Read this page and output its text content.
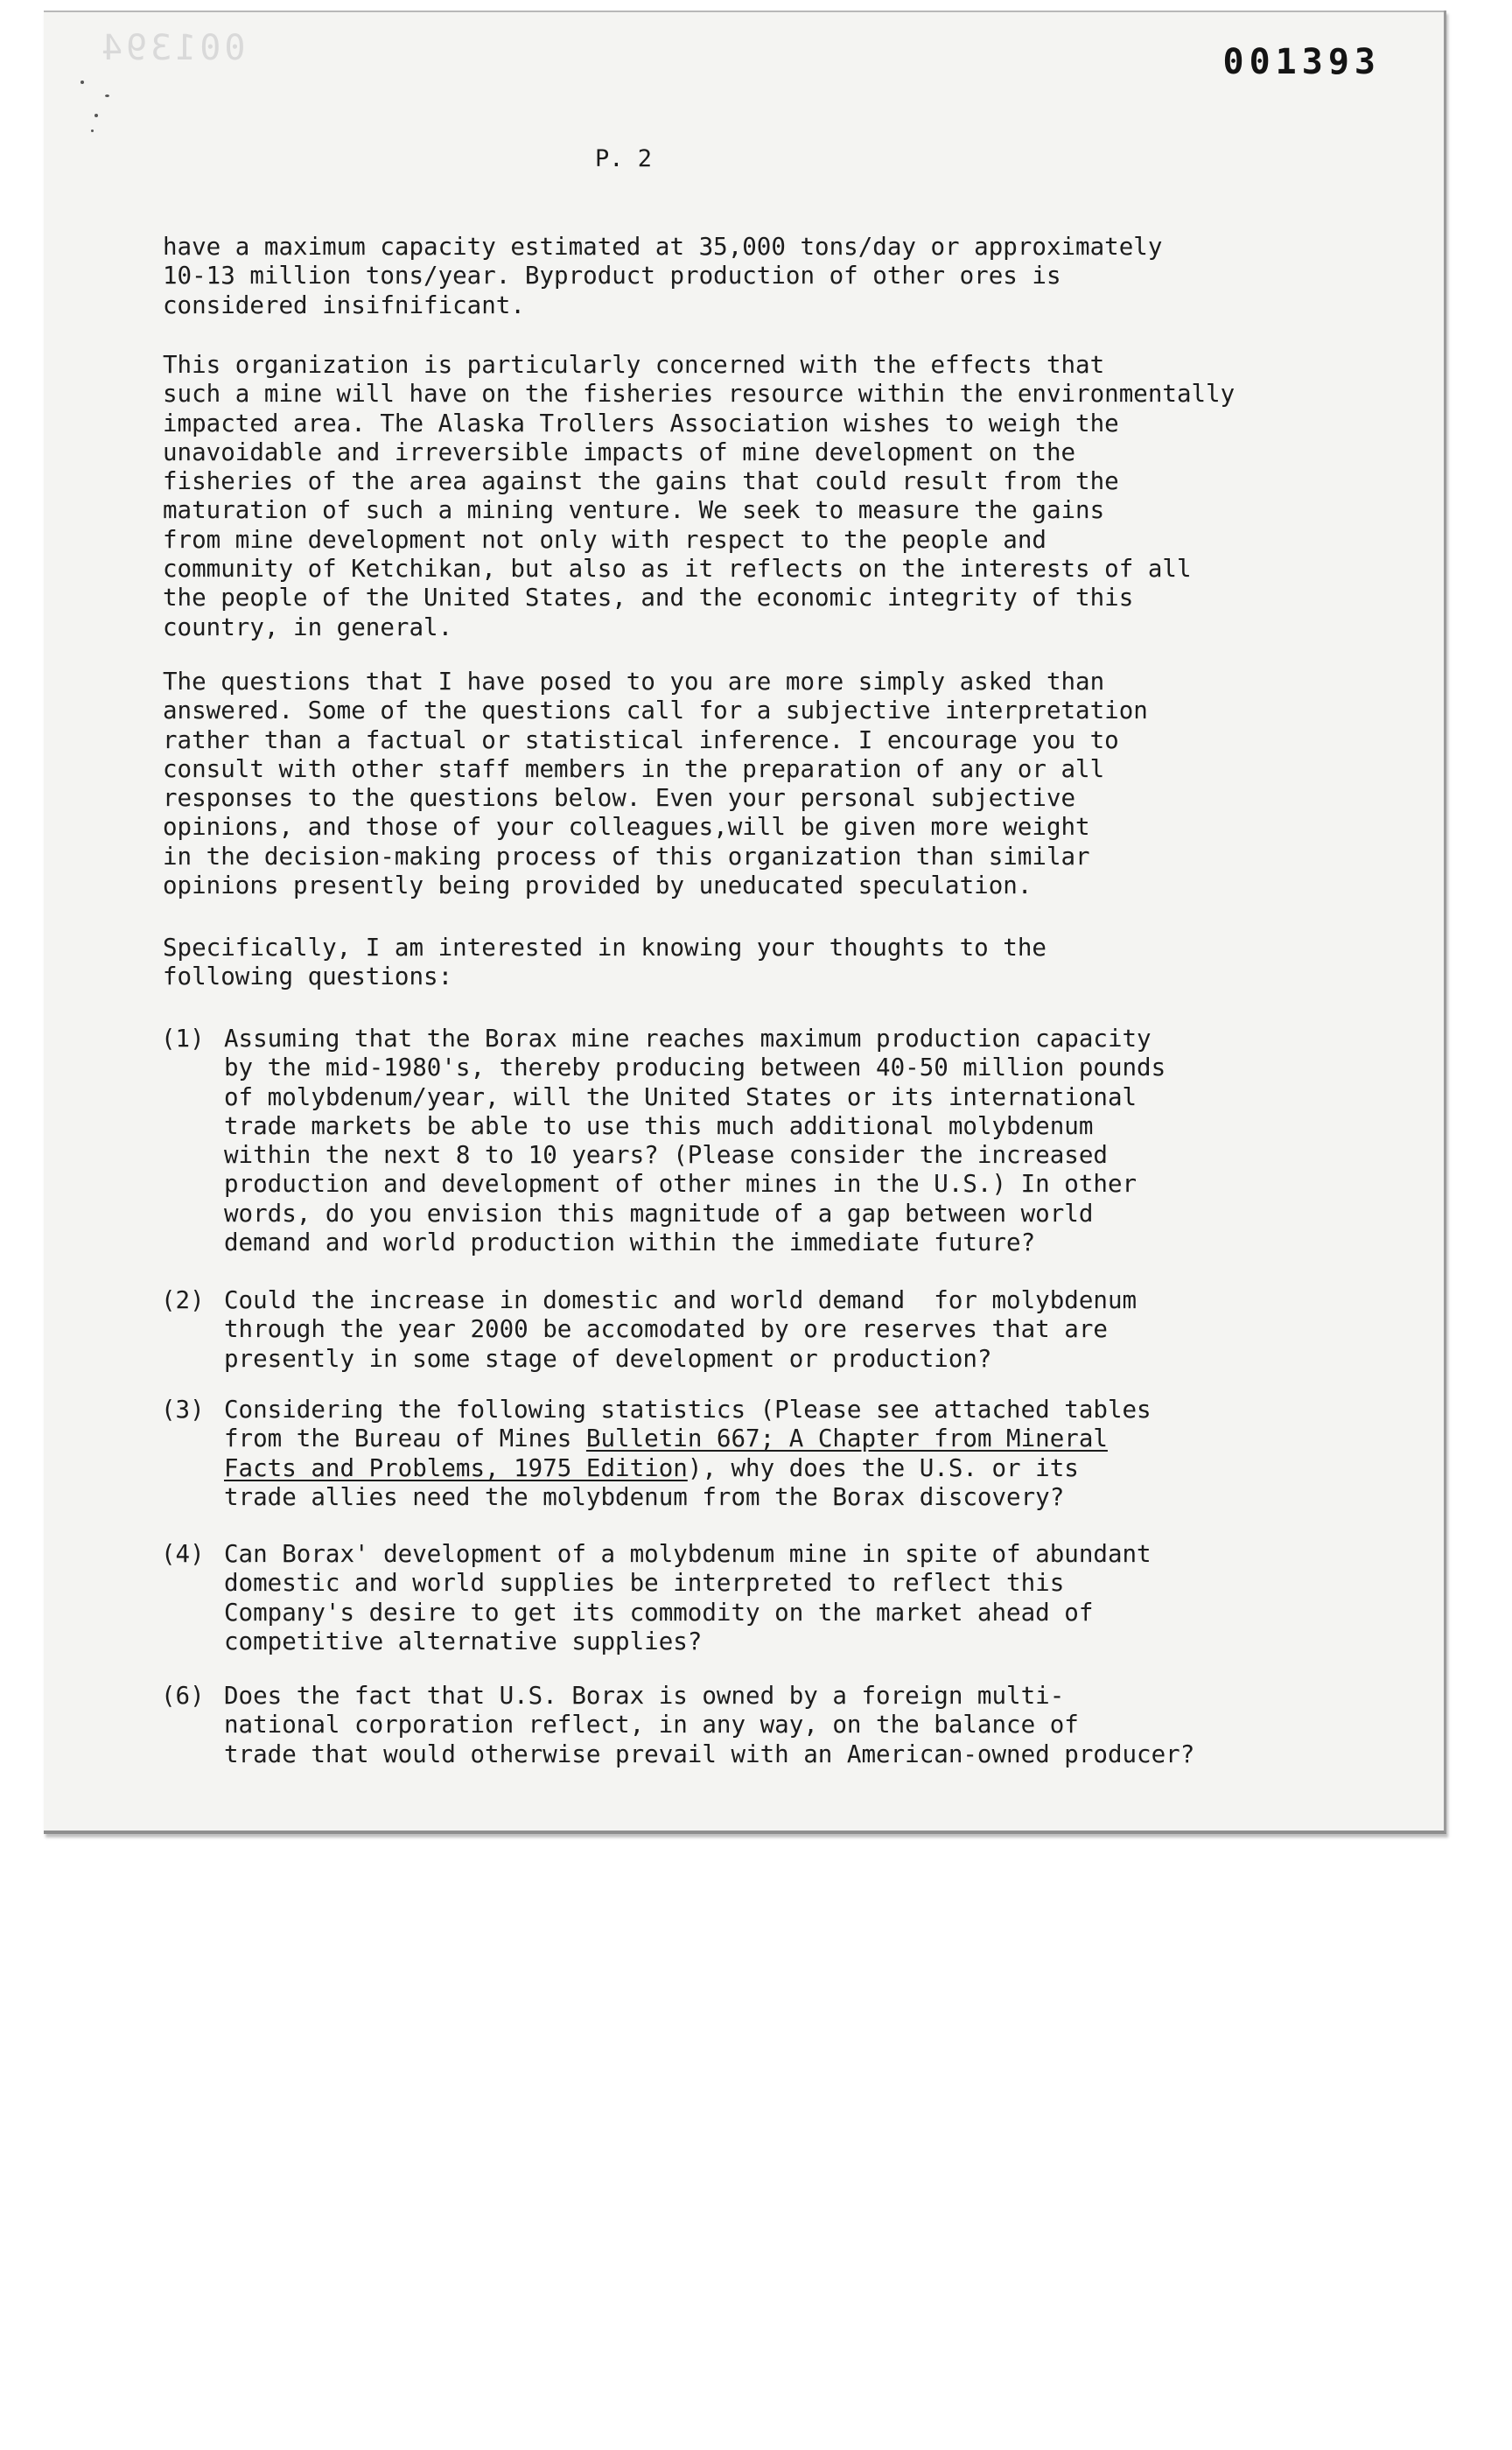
001394	001393
P. 2

have a maximum capacity estimated at 35,000 tons/day or approximately
10-13 million tons/year. Byproduct production of other ores is
considered insifnificant.

This organization is particularly concerned with the effects that
such a mine will have on the fisheries resource within the environmentally
impacted area. The Alaska Trollers Association wishes to weigh the
unavoidable and irreversible impacts of mine development on the
fisheries of the area against the gains that could result from the
maturation of such a mining venture. We seek to measure the gains
from mine development not only with respect to the people and
community of Ketchikan, but also as it reflects on the interests of all
the people of the United States, and the economic integrity of this
country, in general.

The questions that I have posed to you are more simply asked than
answered. Some of the questions call for a subjective interpretation
rather than a factual or statistical inference. I encourage you to
consult with other staff members in the preparation of any or all
responses to the questions below. Even your personal subjective
opinions, and those of your colleagues,will be given more weight
in the decision-making process of this organization than similar
opinions presently being provided by uneducated speculation.

Specifically, I am interested in knowing your thoughts to the
following questions:

(1) Assuming that the Borax mine reaches maximum production capacity
by the mid-1980's, thereby producing between 40-50 million pounds
of molybdenum/year, will the United States or its international
trade markets be able to use this much additional molybdenum
within the next 8 to 10 years? (Please consider the increased
production and development of other mines in the U.S.) In other
words, do you envision this magnitude of a gap between world
demand and world production within the immediate future?

(2) Could the increase in domestic and world demand  for molybdenum
through the year 2000 be accomodated by ore reserves that are
presently in some stage of development or production?

(3) Considering the following statistics (Please see attached tables
from the Bureau of Mines Bulletin 667; A Chapter from Mineral
Facts and Problems, 1975 Edition), why does the U.S. or its
trade allies need the molybdenum from the Borax discovery?

(4) Can Borax' development of a molybdenum mine in spite of abundant
domestic and world supplies be interpreted to reflect this
Company's desire to get its commodity on the market ahead of
competitive alternative supplies?

(6) Does the fact that U.S. Borax is owned by a foreign multi-
national corporation reflect, in any way, on the balance of
trade that would otherwise prevail with an American-owned producer?
